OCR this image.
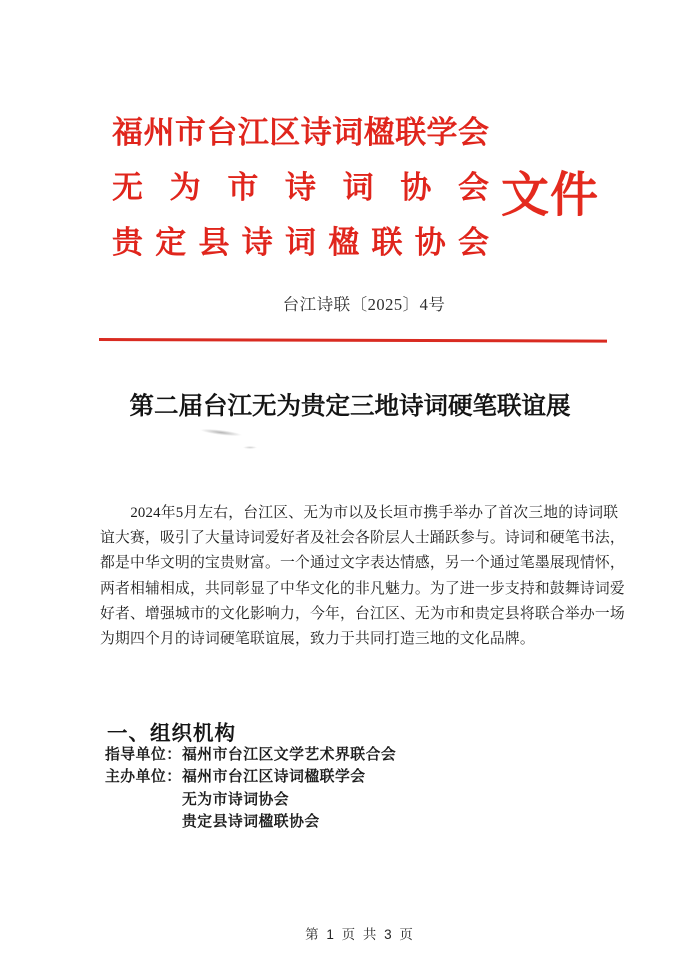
福州市台江区诗词楹联学会
无为市诗词协会
贵定县诗词楹联协会
文件
台江诗联〔2025〕4号
第二届台江无为贵定三地诗词硬笔联谊展
2024年5月左右，台江区、无为市以及长垣市携手举办了首次三地的诗词联
谊大赛，吸引了大量诗词爱好者及社会各阶层人士踊跃参与。诗词和硬笔书法，
都是中华文明的宝贵财富。一个通过文字表达情感，另一个通过笔墨展现情怀，
两者相辅相成，共同彰显了中华文化的非凡魅力。为了进一步支持和鼓舞诗词爱
好者、增强城市的文化影响力，今年，台江区、无为市和贵定县将联合举办一场
为期四个月的诗词硬笔联谊展，致力于共同打造三地的文化品牌。
一、组织机构
指导单位： 福州市台江区文学艺术界联合会
主办单位： 福州市台江区诗词楹联学会
无为市诗词协会
贵定县诗词楹联协会
第 1 页 共 3 页
